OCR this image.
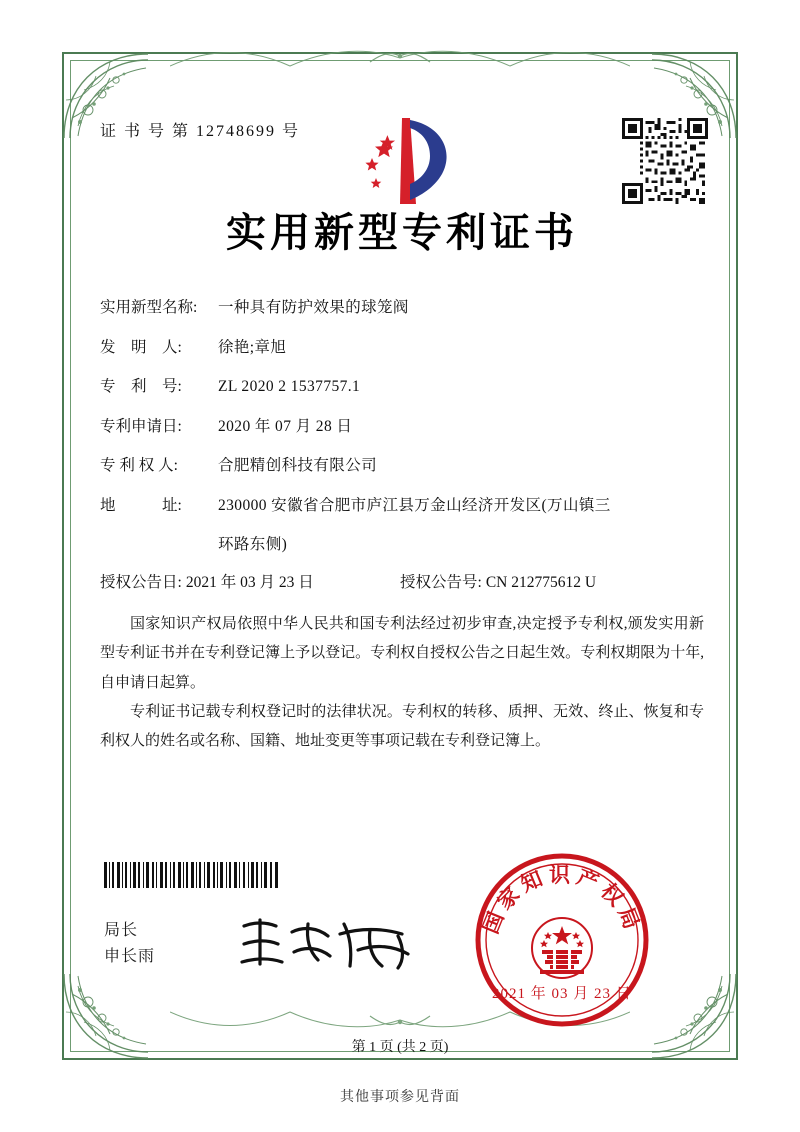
证 书 号 第 12748699 号
实用新型专利证书
实用新型名称:	一种具有防护效果的球笼阀
发　明　人:	徐艳;章旭
专　利　号:	ZL 2020 2 1537757.1
专利申请日:	2020 年 07 月 28 日
专 利 权 人:	合肥精创科技有限公司
地　　　址:	230000 安徽省合肥市庐江县万金山经济开发区(万山镇三
环路东侧)
授权公告日: 2021 年 03 月 23 日	授权公告号: CN 212775612 U

国家知识产权局依照中华人民共和国专利法经过初步审查,决定授予专利权,颁发实用新型专利证书并在专利登记簿上予以登记。专利权自授权公告之日起生效。专利权期限为十年,自申请日起算。

专利证书记载专利权登记时的法律状况。专利权的转移、质押、无效、终止、恢复和专利权人的姓名或名称、国籍、地址变更等事项记载在专利登记簿上。

局长
申长雨
国家知识产权局
2021 年 03 月 23 日
第 1 页 (共 2 页)
其他事项参见背面
